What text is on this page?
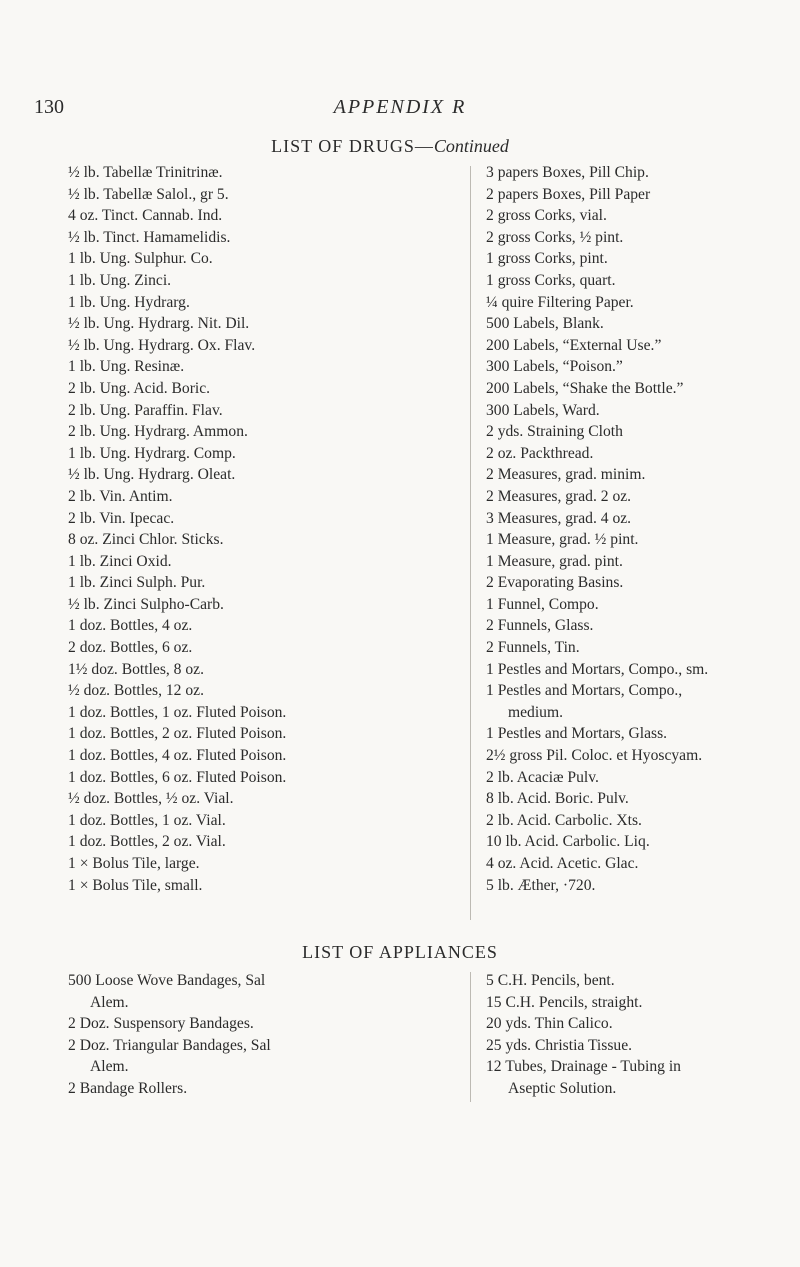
130	APPENDIX R
LIST OF DRUGS—Continued
½ lb. Tabellæ Trinitrinæ.
½ lb. Tabellæ Salol., gr 5.
4 oz. Tinct. Cannab. Ind.
½ lb. Tinct. Hamamelidis.
1 lb. Ung. Sulphur. Co.
1 lb. Ung. Zinci.
1 lb. Ung. Hydrarg.
½ lb. Ung. Hydrarg. Nit. Dil.
½ lb. Ung. Hydrarg. Ox. Flav.
1 lb. Ung. Resinæ.
2 lb. Ung. Acid. Boric.
2 lb. Ung. Paraffin. Flav.
2 lb. Ung. Hydrarg. Ammon.
1 lb. Ung. Hydrarg. Comp.
½ lb. Ung. Hydrarg. Oleat.
2 lb. Vin. Antim.
2 lb. Vin. Ipecac.
8 oz. Zinci Chlor. Sticks.
1 lb. Zinci Oxid.
1 lb. Zinci Sulph. Pur.
½ lb. Zinci Sulpho-Carb.
1 doz. Bottles, 4 oz.
2 doz. Bottles, 6 oz.
1½ doz. Bottles, 8 oz.
½ doz. Bottles, 12 oz.
1 doz. Bottles, 1 oz. Fluted Poison.
1 doz. Bottles, 2 oz. Fluted Poison.
1 doz. Bottles, 4 oz. Fluted Poison.
1 doz. Bottles, 6 oz. Fluted Poison.
½ doz. Bottles, ½ oz. Vial.
1 doz. Bottles, 1 oz. Vial.
1 doz. Bottles, 2 oz. Vial.
1 × Bolus Tile, large.
1 × Bolus Tile, small.
3 papers Boxes, Pill Chip.
2 papers Boxes, Pill Paper
2 gross Corks, vial.
2 gross Corks, ½ pint.
1 gross Corks, pint.
1 gross Corks, quart.
¼ quire Filtering Paper.
500 Labels, Blank.
200 Labels, “External Use.”
300 Labels, “Poison.”
200 Labels, “Shake the Bottle.”
300 Labels, Ward.
2 yds. Straining Cloth
2 oz. Packthread.
2 Measures, grad. minim.
2 Measures, grad. 2 oz.
3 Measures, grad. 4 oz.
1 Measure, grad. ½ pint.
1 Measure, grad. pint.
2 Evaporating Basins.
1 Funnel, Compo.
2 Funnels, Glass.
2 Funnels, Tin.
1 Pestles and Mortars, Compo., sm.
1 Pestles and Mortars, Compo.,
medium.
1 Pestles and Mortars, Glass.
2½ gross Pil. Coloc. et Hyoscyam.
2 lb. Acaciæ Pulv.
8 lb. Acid. Boric. Pulv.
2 lb. Acid. Carbolic. Xts.
10 lb. Acid. Carbolic. Liq.
4 oz. Acid. Acetic. Glac.
5 lb. Æther, ·720.
LIST OF APPLIANCES
500 Loose Wove Bandages, Sal
Alem.
2 Doz. Suspensory Bandages.
2 Doz. Triangular Bandages, Sal
Alem.
2 Bandage Rollers.
5 C.H. Pencils, bent.
15 C.H. Pencils, straight.
20 yds. Thin Calico.
25 yds. Christia Tissue.
12 Tubes, Drainage - Tubing in
Aseptic Solution.
